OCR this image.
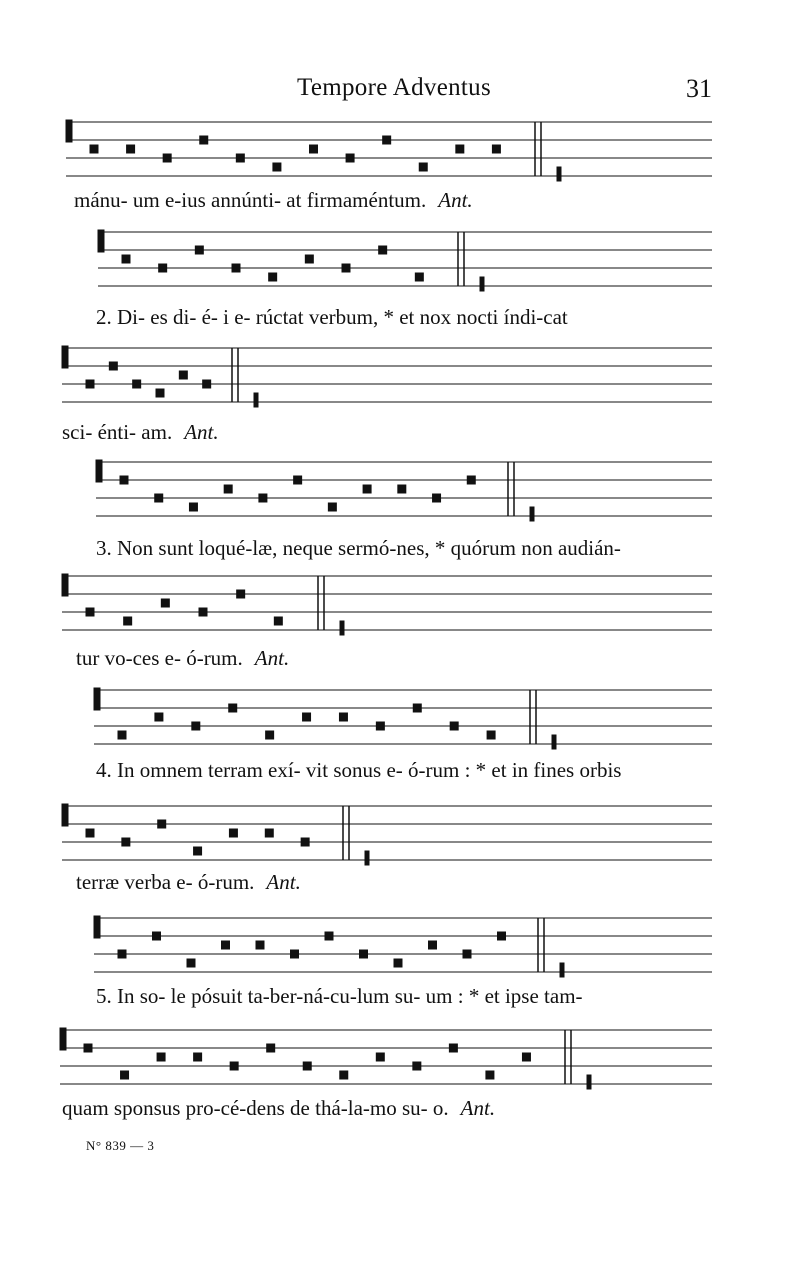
Tempore Adventus	31
mánu- um e-ius annúnti- at firmaméntum. Ant.
2. Di- es di- é- i e- rúctat verbum, * et nox nocti índi-cat
sci- énti- am. Ant.
3. Non sunt loqué-læ, neque sermó-nes, * quórum non audián-
tur vo-ces e- ó-rum. Ant.
4. In omnem terram exí- vit sonus e- ó-rum : * et in fines orbis
terræ verba e- ó-rum. Ant.
5. In so- le pósuit ta-ber-ná-cu-lum su- um : * et ipse tam-
quam sponsus pro-cé-dens de thá-la-mo su- o. Ant.
N° 839 — 3
